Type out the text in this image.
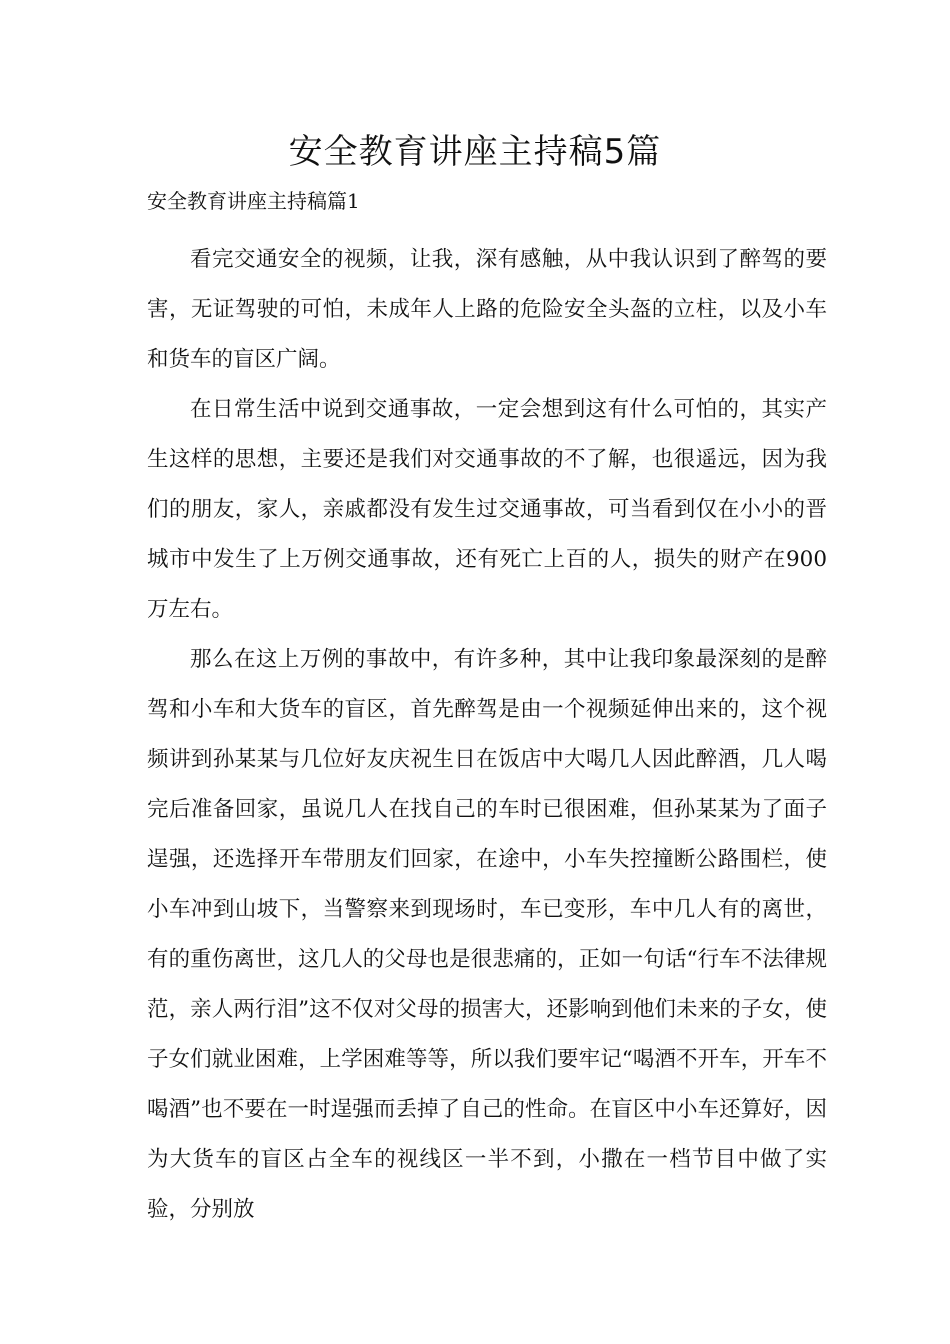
安全教育讲座主持稿5篇
安全教育讲座主持稿篇1

看完交通安全的视频，让我，深有感触，从中我认识到了醉驾的要害，无证驾驶的可怕，未成年人上路的危险安全头盔的立柱，以及小车和货车的盲区广阔。

在日常生活中说到交通事故，一定会想到这有什么可怕的，其实产生这样的思想，主要还是我们对交通事故的不了解，也很遥远，因为我们的朋友，家人，亲戚都没有发生过交通事故，可当看到仅在小小的晋城市中发生了上万例交通事故，还有死亡上百的人，损失的财产在900万左右。

那么在这上万例的事故中，有许多种，其中让我印象最深刻的是醉驾和小车和大货车的盲区，首先醉驾是由一个视频延伸出来的，这个视频讲到孙某某与几位好友庆祝生日在饭店中大喝几人因此醉酒，几人喝完后准备回家，虽说几人在找自己的车时已很困难，但孙某某为了面子逞强，还选择开车带朋友们回家，在途中，小车失控撞断公路围栏，使小车冲到山坡下，当警察来到现场时，车已变形，车中几人有的离世，有的重伤离世，这几人的父母也是很悲痛的，正如一句话“行车不法律规范，亲人两行泪”这不仅对父母的损害大，还影响到他们未来的子女，使子女们就业困难，上学困难等等，所以我们要牢记“喝酒不开车，开车不喝酒”也不要在一时逞强而丢掉了自己的性命。在盲区中小车还算好，因为大货车的盲区占全车的视线区一半不到，小撒在一档节目中做了实验，分别放
